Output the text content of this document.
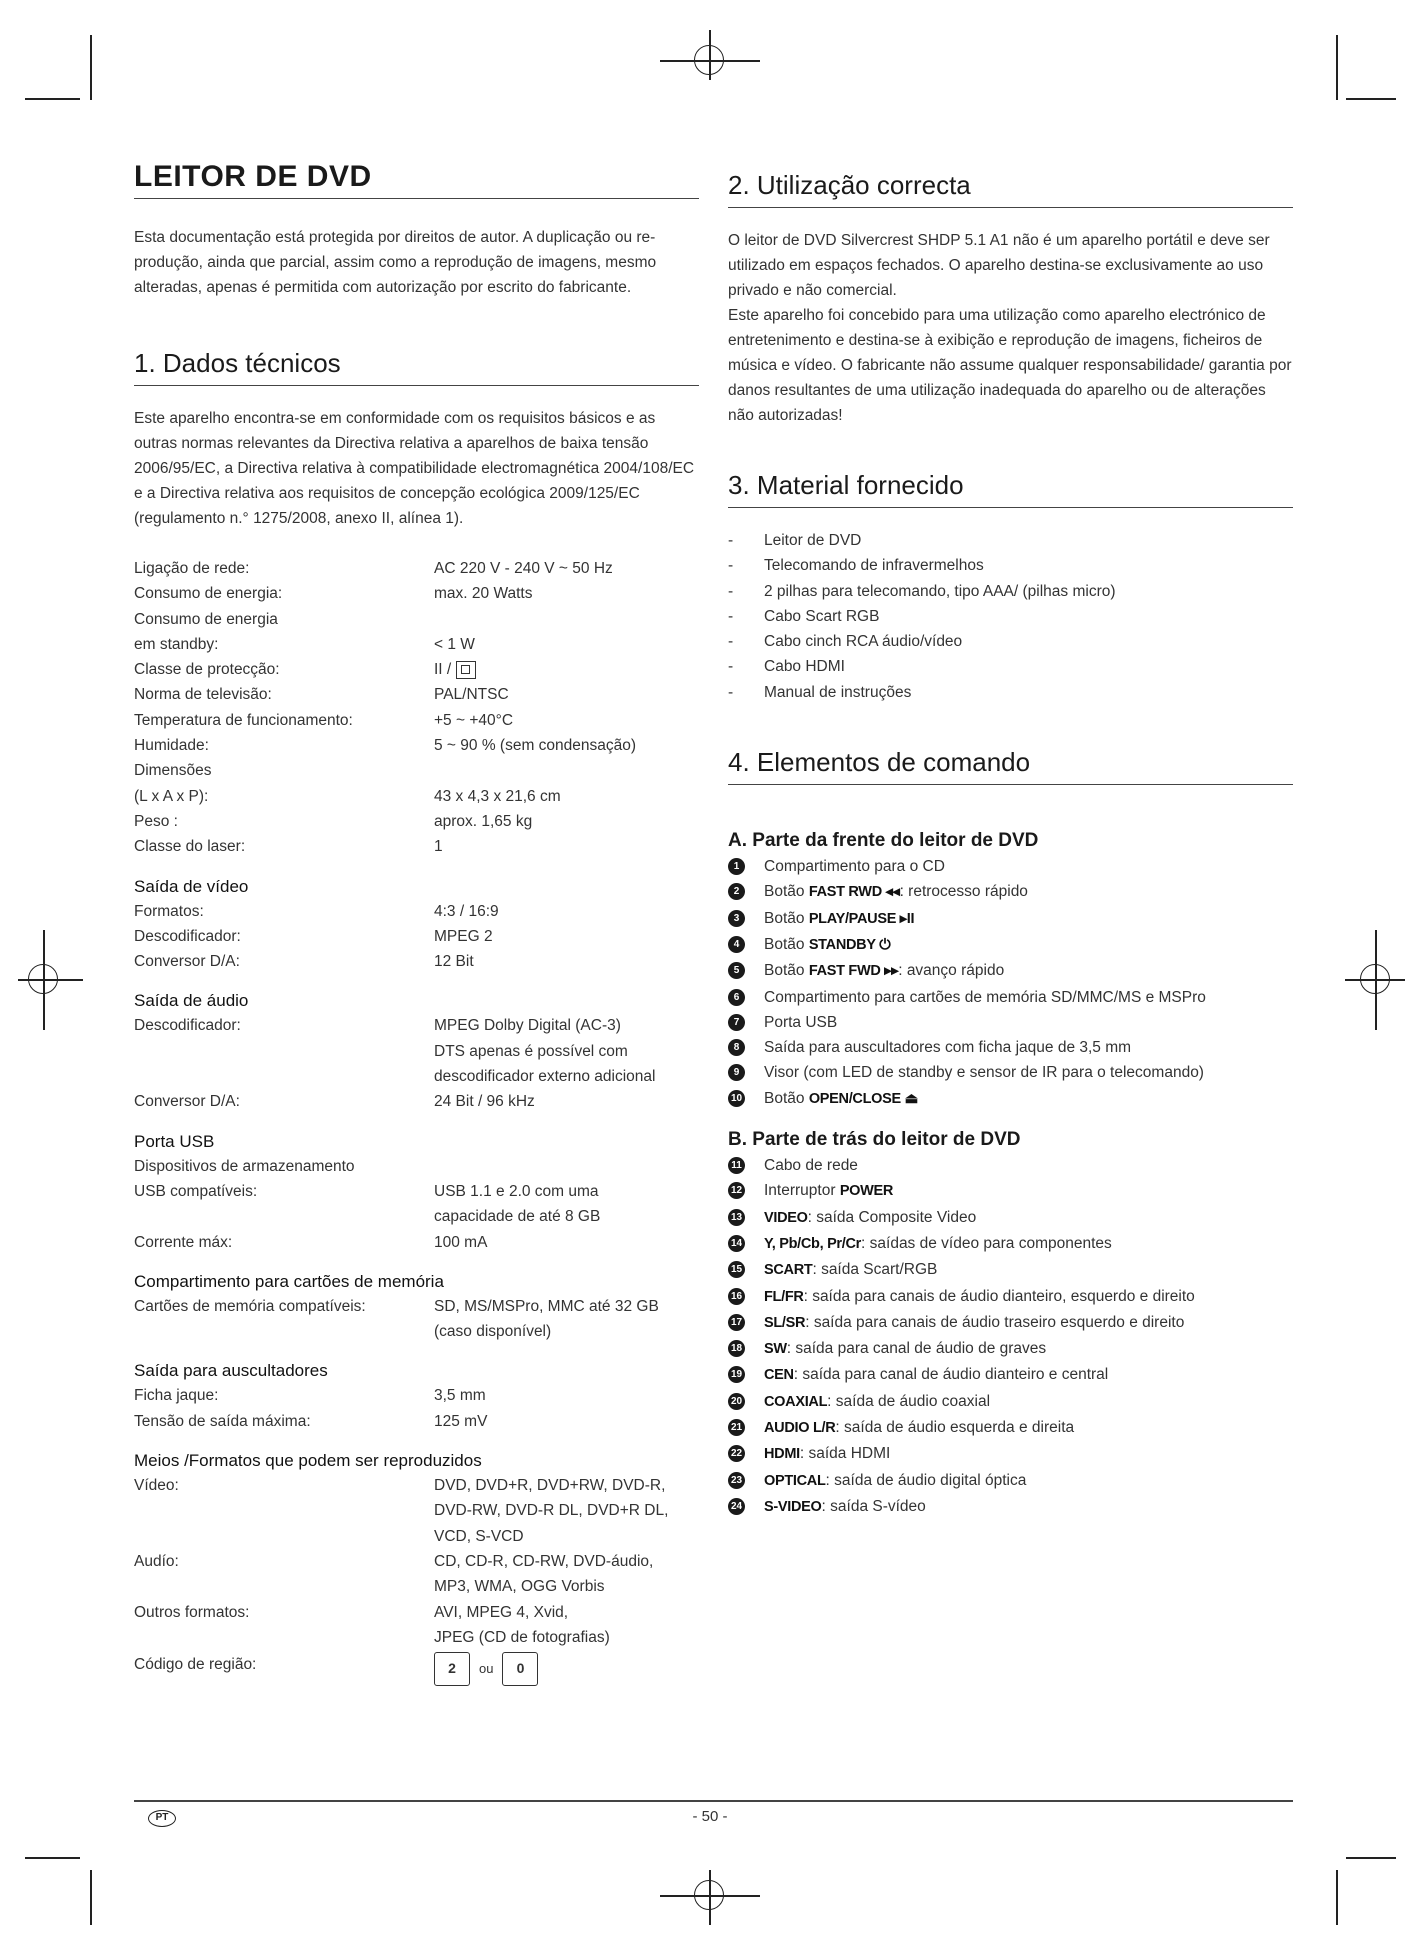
LEITOR DE DVD

Esta documentação está protegida por direitos de autor. A duplicação ou re-produção, ainda que parcial, assim como a reprodução de imagens, mesmo alteradas, apenas é permitida com autorização por escrito do fabricante.

1. Dados técnicos

Este aparelho encontra-se em conformidade com os requisitos básicos e as outras normas relevantes da Directiva relativa a aparelhos de baixa tensão 2006/95/EC, a Directiva relativa à compatibilidade electromagnética 2004/108/EC e a Directiva relativa aos requisitos de concepção ecológica 2009/125/EC (regulamento n.° 1275/2008, anexo II, alínea 1).

Ligação de rede:	AC 220 V - 240 V ~ 50 Hz
Consumo de energia:	max. 20 Watts
Consumo de energia

em standby:	< 1 W
Classe de protecção:	II /
Norma de televisão:	PAL/NTSC
Temperatura de funcionamento:	+5 ~ +40°C
Humidade:	5 ~ 90 % (sem condensação)
Dimensões

(L x A x P):	43 x 4,3 x 21,6 cm
Peso :	aprox. 1,65 kg
Classe do laser:	1
Saída de vídeo
Formatos:	4:3 / 16:9
Descodificador:	MPEG 2
Conversor D/A:	12 Bit
Saída de áudio
Descodificador:	MPEG Dolby Digital (AC-3)

DTS apenas é possível com

descodificador externo adicional
Conversor D/A:	24 Bit / 96 kHz
Porta USB
Dispositivos de armazenamento

USB compatíveis:	USB 1.1 e 2.0 com uma

capacidade de até 8 GB
Corrente máx:	100 mA
Compartimento para cartões de memória
Cartões de memória compatíveis:	SD, MS/MSPro, MMC até 32 GB

(caso disponível)
Saída para auscultadores
Ficha jaque:	3,5 mm
Tensão de saída máxima:	125 mV
Meios /Formatos que podem ser reproduzidos
Vídeo:	DVD, DVD+R, DVD+RW, DVD-R,

DVD-RW, DVD-R DL, DVD+R DL,

VCD, S-VCD
Audío:	CD, CD-R, CD-RW, DVD-áudio,

MP3, WMA, OGG Vorbis
Outros formatos:	AVI, MPEG 4, Xvid,

JPEG (CD de fotografias)
Código de região:	2 ou 0
2. Utilização correcta

O leitor de DVD Silvercrest SHDP 5.1 A1 não é um aparelho portátil e deve ser utilizado em espaços fechados. O aparelho destina-se exclusivamente ao uso privado e não comercial.

Este aparelho foi concebido para uma utilização como aparelho electrónico de entretenimento e destina-se à exibição e reprodução de imagens, ficheiros de música e vídeo. O fabricante não assume qualquer responsabilidade/ garantia por danos resultantes de uma utilização inadequada do aparelho ou de alterações não autorizadas!

3. Material fornecido
- Leitor de DVD
- Telecomando de infravermelhos
- 2 pilhas para telecomando, tipo AAA/ (pilhas micro)
- Cabo Scart RGB
- Cabo cinch RCA áudio/vídeo
- Cabo HDMI
- Manual de instruções
4. Elementos de comando
A. Parte da frente do leitor de DVD
1	Compartimento para o CD
2	Botão FAST RWD ◂◂: retrocesso rápido
3	Botão PLAY/PAUSE ▸II
4	Botão STANDBY ⏻
5	Botão FAST FWD ▸▸: avanço rápido
6	Compartimento para cartões de memória SD/MMC/MS e MSPro
7	Porta USB
8	Saída para auscultadores com ficha jaque de 3,5 mm
9	Visor (com LED de standby e sensor de IR para o telecomando)
10 Botão OPEN/CLOSE ⏏
B. Parte de trás do leitor de DVD
11 Cabo de rede
12 Interruptor POWER
13 VIDEO: saída Composite Video
14 Y, Pb/Cb, Pr/Cr: saídas de vídeo para componentes
15 SCART: saída Scart/RGB
16 FL/FR: saída para canais de áudio dianteiro, esquerdo e direito
17 SL/SR: saída para canais de áudio traseiro esquerdo e direito
18 SW: saída para canal de áudio de graves
19 CEN: saída para canal de áudio dianteiro e central
20 COAXIAL: saída de áudio coaxial
21 AUDIO L/R: saída de áudio esquerda e direita
22 HDMI: saída HDMI
23 OPTICAL: saída de áudio digital óptica
24 S-VIDEO: saída S-vídeo
PT	- 50 -
